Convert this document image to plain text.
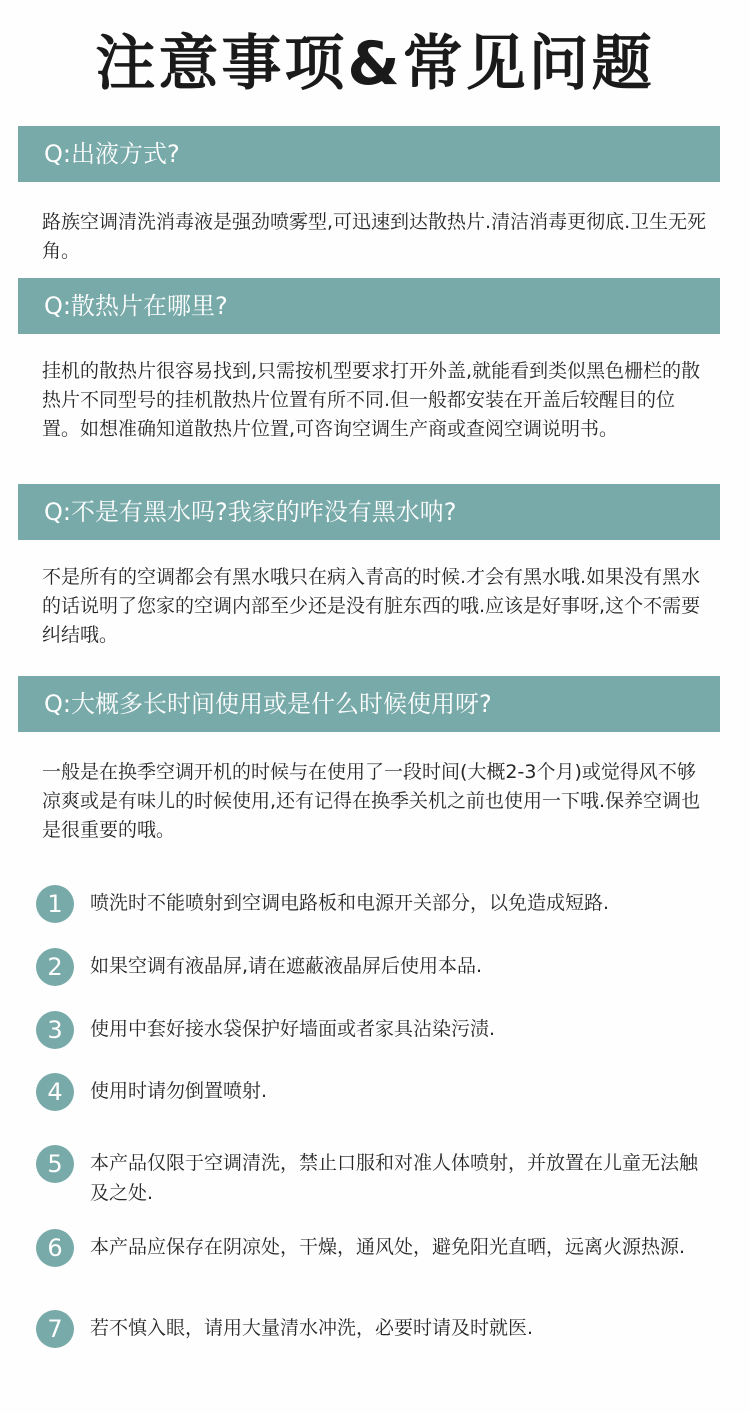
注意事项&常见问题
Q:出液方式?
路族空调清洗消毒液是强劲喷雾型,可迅速到达散热片.清洁消毒更彻底.卫生无死角。
Q:散热片在哪里?
挂机的散热片很容易找到,只需按机型要求打开外盖,就能看到类似黑色栅栏的散热片不同型号的挂机散热片位置有所不同.但一般都安装在开盖后较醒目的位置。如想准确知道散热片位置,可咨询空调生产商或查阅空调说明书。
Q:不是有黑水吗?我家的咋没有黑水呐?
不是所有的空调都会有黑水哦只在病入青高的时候.才会有黑水哦.如果没有黑水的话说明了您家的空调内部至少还是没有脏东西的哦.应该是好事呀,这个不需要纠结哦。
Q:大概多长时间使用或是什么时候使用呀?
一般是在换季空调开机的时候与在使用了一段时间(大概2-3个月)或觉得风不够凉爽或是有味儿的时候使用,还有记得在换季关机之前也使用一下哦.保养空调也是很重要的哦。
1	喷洗时不能喷射到空调电路板和电源开关部分，以免造成短路.
2	如果空调有液晶屏,请在遮蔽液晶屏后使用本品.
3	使用中套好接水袋保护好墙面或者家具沾染污渍.
4	使用时请勿倒置喷射.
5	本产品仅限于空调清洗，禁止口服和对准人体喷射，并放置在儿童无法触及之处.
6	本产品应保存在阴凉处，干燥，通风处，避免阳光直晒，远离火源热源.
7	若不慎入眼，请用大量清水冲洗，必要时请及时就医.
